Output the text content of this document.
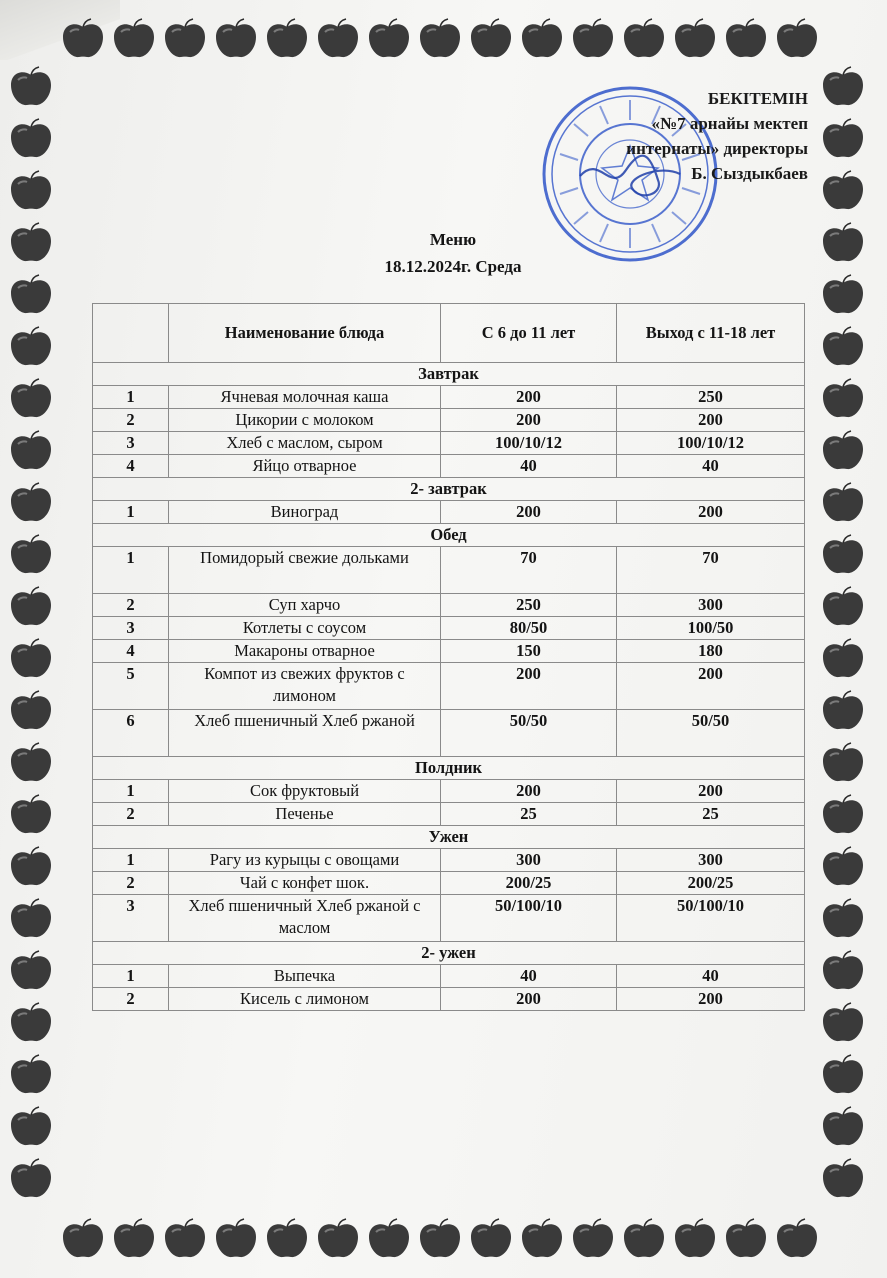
БЕКІТЕМІН
«№7 арнайы мектеп
интернаты» директоры
Б. Сыздыкбаев
Меню
18.12.2024г. Среда
	Наименование блюда	С 6 до 11 лет	Выход с 11-18 лет
Завтрак			
1	Ячневая молочная каша	200	250
2	Цикории с молоком	200	200
3	Хлеб с маслом, сыром	100/10/12	100/10/12
4	Яйцо отварное	40	40
2- завтрак			
1	Виноград	200	200
Обед			
1	Помидорый свежие дольками	70	70
2	Суп харчо	250	300
3	Котлеты с соусом	80/50	100/50
4	Макароны отварное	150	180
5	Компот из свежих фруктов с лимоном	200	200
6	Хлеб пшеничный Хлеб ржаной	50/50	50/50
Полдник			
1	Сок фруктовый	200	200
2	Печенье	25	25
Ужен			
1	Рагу из курыцы с овощами	300	300
2	Чай с конфет шок.	200/25	200/25
3	Хлеб пшеничный Хлеб ржаной с маслом	50/100/10	50/100/10
2- ужен			
1	Выпечка	40	40
2	Кисель с лимоном	200	200
